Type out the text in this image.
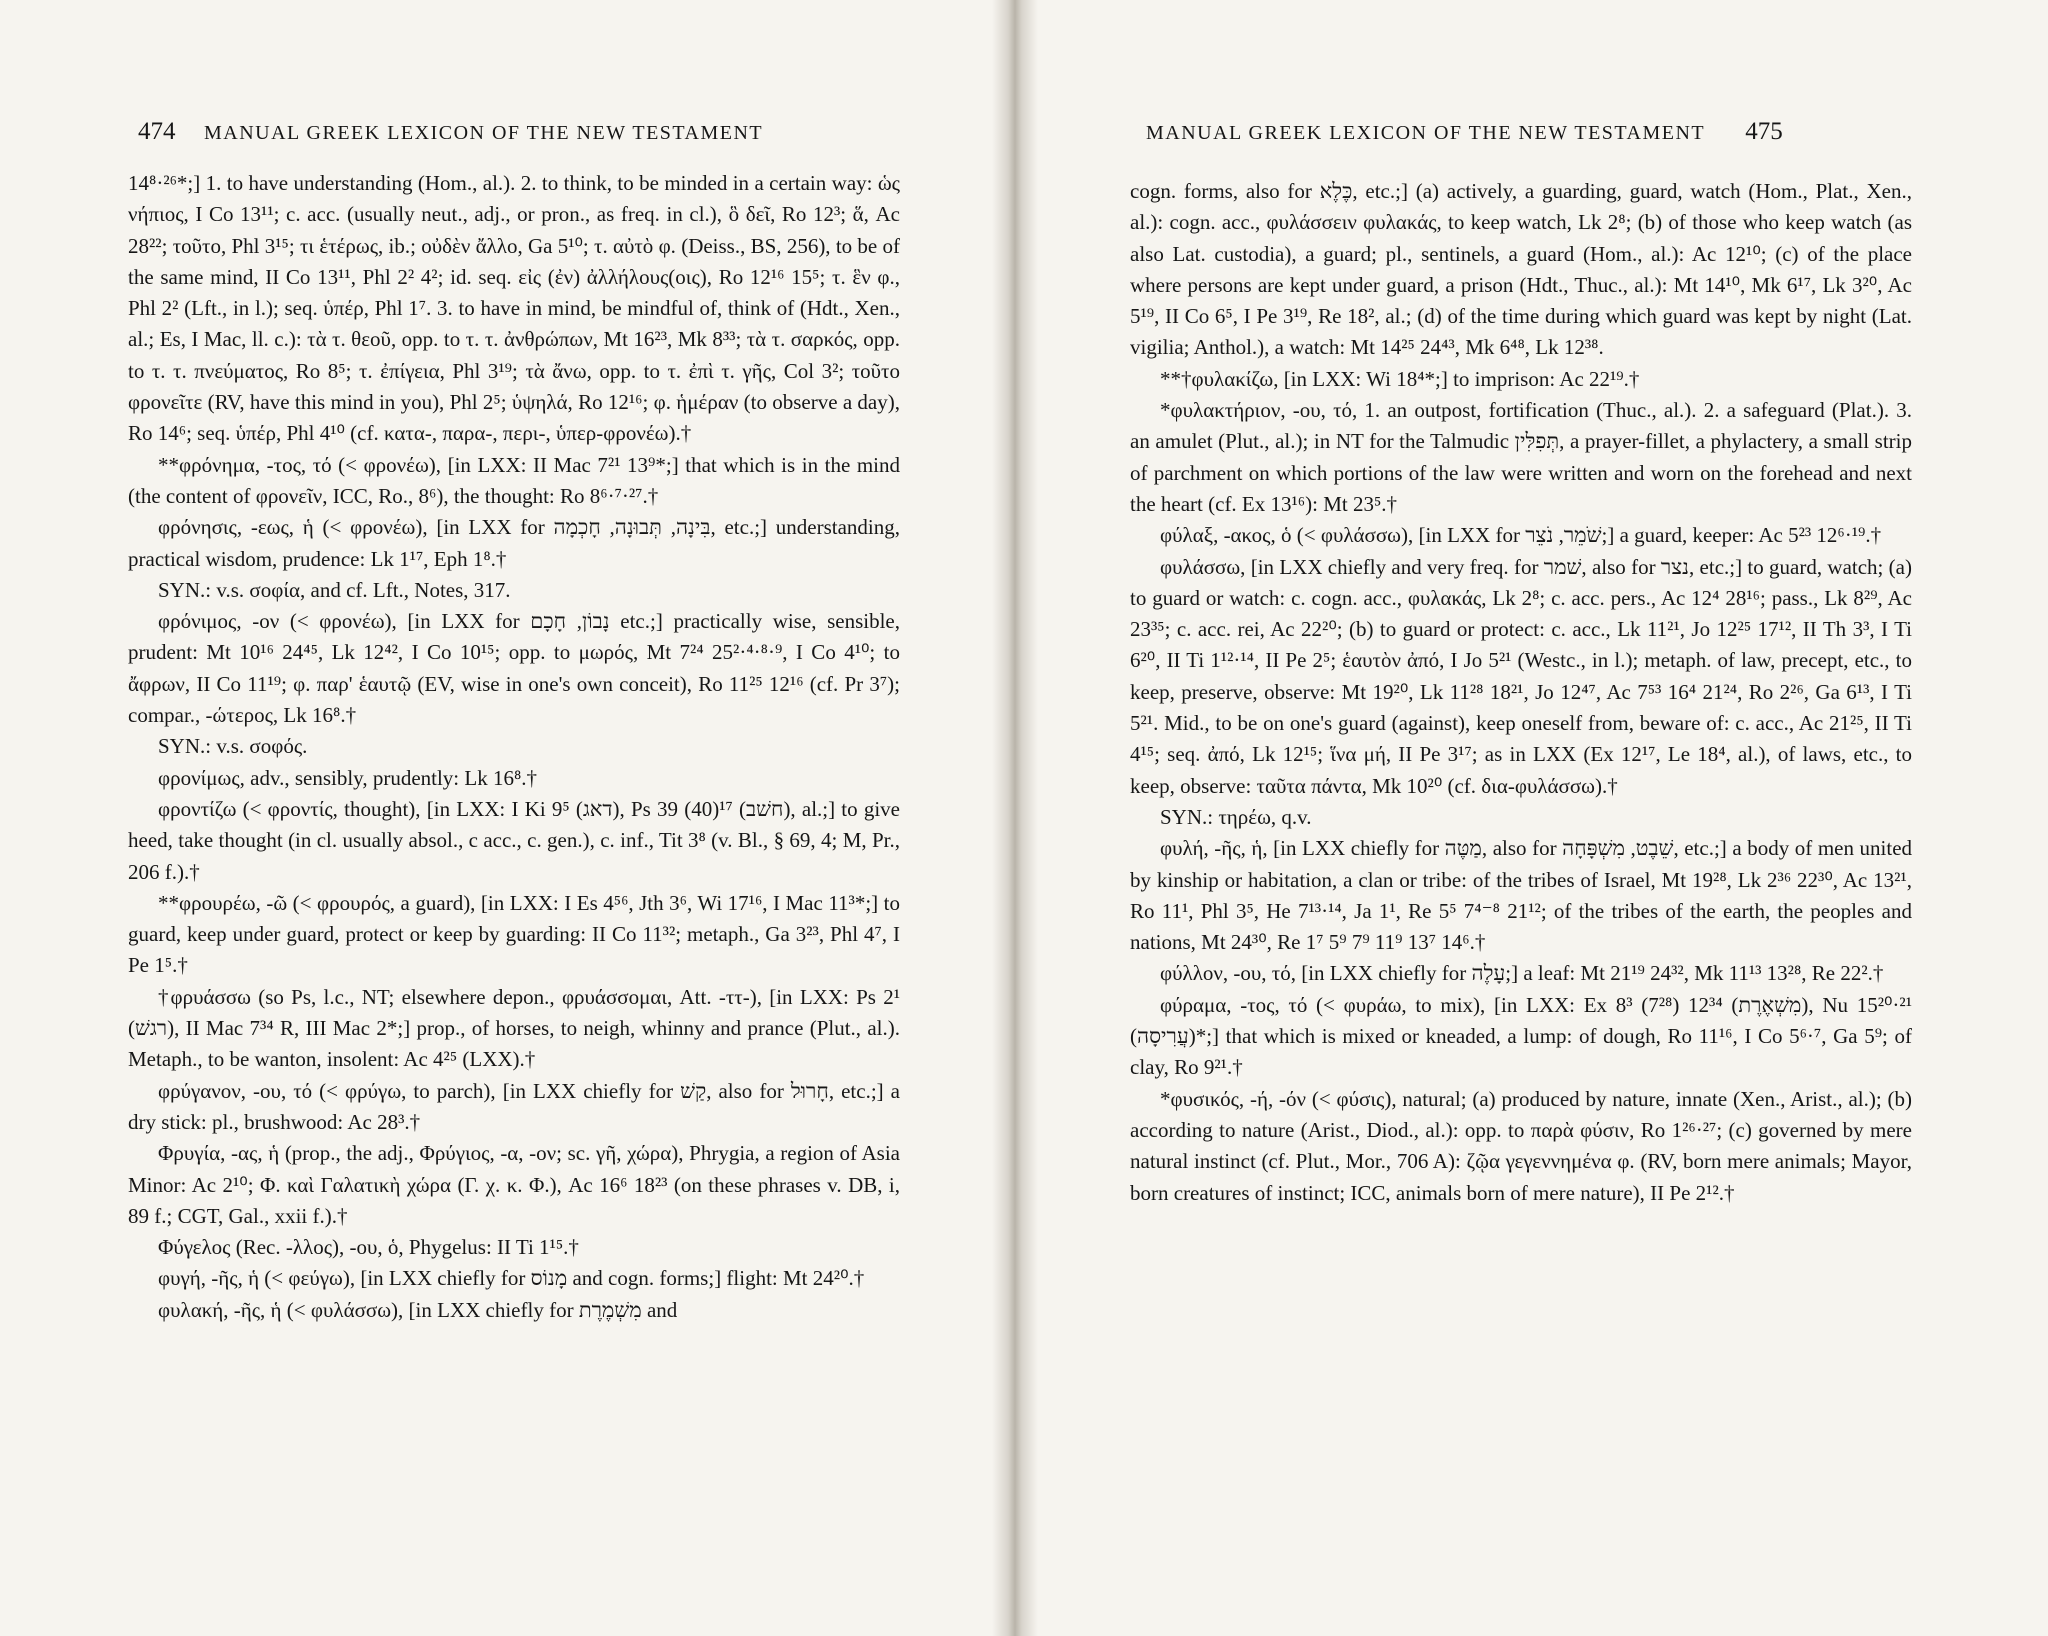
474 MANUAL GREEK LEXICON OF THE NEW TESTAMENT

14⁸·²⁶*;] 1. to have understanding (Hom., al.). 2. to think, to be minded in a certain way: ὡς νήπιος, I Co 13¹¹; c. acc. (usually neut., adj., or pron., as freq. in cl.), ὃ δεῖ, Ro 12³; ἅ, Ac 28²²; τοῦτο, Phl 3¹⁵; τι ἑτέρως, ib.; οὐδὲν ἄλλο, Ga 5¹⁰; τ. αὐτὸ φ. (Deiss., BS, 256), to be of the same mind, II Co 13¹¹, Phl 2² 4²; id. seq. εἰς (ἐν) ἀλλήλους(οις), Ro 12¹⁶ 15⁵; τ. ἓν φ., Phl 2² (Lft., in l.); seq. ὑπέρ, Phl 1⁷. 3. to have in mind, be mindful of, think of (Hdt., Xen., al.; Es, I Mac, ll. c.): τὰ τ. θεοῦ, opp. to τ. τ. ἀνθρώπων, Mt 16²³, Mk 8³³; τὰ τ. σαρκός, opp. to τ. τ. πνεύματος, Ro 8⁵; τ. ἐπίγεια, Phl 3¹⁹; τὰ ἄνω, opp. to τ. ἐπὶ τ. γῆς, Col 3²; τοῦτο φρονεῖτε (RV, have this mind in you), Phl 2⁵; ὑψηλά, Ro 12¹⁶; φ. ἡμέραν (to observe a day), Ro 14⁶; seq. ὑπέρ, Phl 4¹⁰ (cf. κατα-, παρα-, περι-, ὑπερ-φρονέω).†

**φρόνημα, -τος, τό (< φρονέω), [in LXX: II Mac 7²¹ 13⁹*;] that which is in the mind (the content of φρονεῖν, ICC, Ro., 8⁶), the thought: Ro 8⁶·⁷·²⁷.†

φρόνησις, -εως, ἡ (< φρονέω), [in LXX for בִּינָה, תְּבוּנָה, חָכְמָה, etc.;] understanding, practical wisdom, prudence: Lk 1¹⁷, Eph 1⁸.†

SYN.: v.s. σοφία, and cf. Lft., Notes, 317.

φρόνιμος, -ον (< φρονέω), [in LXX for נָבוֹן, חָכָם etc.;] practically wise, sensible, prudent: Mt 10¹⁶ 24⁴⁵, Lk 12⁴², I Co 10¹⁵; opp. to μωρός, Mt 7²⁴ 25²·⁴·⁸·⁹, I Co 4¹⁰; to ἄφρων, II Co 11¹⁹; φ. παρ' ἑαυτῷ (EV, wise in one's own conceit), Ro 11²⁵ 12¹⁶ (cf. Pr 3⁷); compar., -ώτερος, Lk 16⁸.†

SYN.: v.s. σοφός.

φρονίμως, adv., sensibly, prudently: Lk 16⁸.†

φροντίζω (< φροντίς, thought), [in LXX: I Ki 9⁵ (דאג), Ps 39 (40)¹⁷ (חשׁב), al.;] to give heed, take thought (in cl. usually absol., c acc., c. gen.), c. inf., Tit 3⁸ (v. Bl., § 69, 4; M, Pr., 206 f.).†

**φρουρέω, -ῶ (< φρουρός, a guard), [in LXX: I Es 4⁵⁶, Jth 3⁶, Wi 17¹⁶, I Mac 11³*;] to guard, keep under guard, protect or keep by guarding: II Co 11³²; metaph., Ga 3²³, Phl 4⁷, I Pe 1⁵.†

†φρυάσσω (so Ps, l.c., NT; elsewhere depon., φρυάσσομαι, Att. -ττ-), [in LXX: Ps 2¹ (רגשׁ), II Mac 7³⁴ R, III Mac 2*;] prop., of horses, to neigh, whinny and prance (Plut., al.). Metaph., to be wanton, insolent: Ac 4²⁵ (LXX).†

φρύγανον, -ου, τό (< φρύγω, to parch), [in LXX chiefly for קַשׁ, also for חָרוּל, etc.;] a dry stick: pl., brushwood: Ac 28³.†

Φρυγία, -ας, ἡ (prop., the adj., Φρύγιος, -α, -ον; sc. γῆ, χώρα), Phrygia, a region of Asia Minor: Ac 2¹⁰; Φ. καὶ Γαλατικὴ χώρα (Γ. χ. κ. Φ.), Ac 16⁶ 18²³ (on these phrases v. DB, i, 89 f.; CGT, Gal., xxii f.).†

Φύγελος (Rec. -λλος), -ου, ὁ, Phygelus: II Ti 1¹⁵.†

φυγή, -ῆς, ἡ (< φεύγω), [in LXX chiefly for מָנוֹס and cogn. forms;] flight: Mt 24²⁰.†

φυλακή, -ῆς, ἡ (< φυλάσσω), [in LXX chiefly for מִשְׁמֶרֶת and

MANUAL GREEK LEXICON OF THE NEW TESTAMENT 475

cogn. forms, also for כֶּלֶא, etc.;] (a) actively, a guarding, guard, watch (Hom., Plat., Xen., al.): cogn. acc., φυλάσσειν φυλακάς, to keep watch, Lk 2⁸; (b) of those who keep watch (as also Lat. custodia), a guard; pl., sentinels, a guard (Hom., al.): Ac 12¹⁰; (c) of the place where persons are kept under guard, a prison (Hdt., Thuc., al.): Mt 14¹⁰, Mk 6¹⁷, Lk 3²⁰, Ac 5¹⁹, II Co 6⁵, I Pe 3¹⁹, Re 18², al.; (d) of the time during which guard was kept by night (Lat. vigilia; Anthol.), a watch: Mt 14²⁵ 24⁴³, Mk 6⁴⁸, Lk 12³⁸.

**†φυλακίζω, [in LXX: Wi 18⁴*;] to imprison: Ac 22¹⁹.†

*φυλακτήριον, -ου, τό, 1. an outpost, fortification (Thuc., al.). 2. a safeguard (Plat.). 3. an amulet (Plut., al.); in NT for the Talmudic תְּפִלִּין, a prayer-fillet, a phylactery, a small strip of parchment on which portions of the law were written and worn on the forehead and next the heart (cf. Ex 13¹⁶): Mt 23⁵.†

φύλαξ, -ακος, ὁ (< φυλάσσω), [in LXX for שֹׁמֵר, נֹצֵר;] a guard, keeper: Ac 5²³ 12⁶·¹⁹.†

φυλάσσω, [in LXX chiefly and very freq. for שׁמר, also for נצר, etc.;] to guard, watch; (a) to guard or watch: c. cogn. acc., φυλακάς, Lk 2⁸; c. acc. pers., Ac 12⁴ 28¹⁶; pass., Lk 8²⁹, Ac 23³⁵; c. acc. rei, Ac 22²⁰; (b) to guard or protect: c. acc., Lk 11²¹, Jo 12²⁵ 17¹², II Th 3³, I Ti 6²⁰, II Ti 1¹²·¹⁴, II Pe 2⁵; ἑαυτὸν ἀπό, I Jo 5²¹ (Westc., in l.); metaph. of law, precept, etc., to keep, preserve, observe: Mt 19²⁰, Lk 11²⁸ 18²¹, Jo 12⁴⁷, Ac 7⁵³ 16⁴ 21²⁴, Ro 2²⁶, Ga 6¹³, I Ti 5²¹. Mid., to be on one's guard (against), keep oneself from, beware of: c. acc., Ac 21²⁵, II Ti 4¹⁵; seq. ἀπό, Lk 12¹⁵; ἵνα μή, II Pe 3¹⁷; as in LXX (Ex 12¹⁷, Le 18⁴, al.), of laws, etc., to keep, observe: ταῦτα πάντα, Mk 10²⁰ (cf. δια-φυλάσσω).†

SYN.: τηρέω, q.v.

φυλή, -ῆς, ἡ, [in LXX chiefly for מַטֶּה, also for שֵׁבֶט, מִשְׁפָּחָה, etc.;] a body of men united by kinship or habitation, a clan or tribe: of the tribes of Israel, Mt 19²⁸, Lk 2³⁶ 22³⁰, Ac 13²¹, Ro 11¹, Phl 3⁵, He 7¹³·¹⁴, Ja 1¹, Re 5⁵ 7⁴⁻⁸ 21¹²; of the tribes of the earth, the peoples and nations, Mt 24³⁰, Re 1⁷ 5⁹ 7⁹ 11⁹ 13⁷ 14⁶.†

φύλλον, -ου, τό, [in LXX chiefly for עָלֶה;] a leaf: Mt 21¹⁹ 24³², Mk 11¹³ 13²⁸, Re 22².†

φύραμα, -τος, τό (< φυράω, to mix), [in LXX: Ex 8³ (7²⁸) 12³⁴ (מִשְׁאֶרֶת), Nu 15²⁰·²¹ (עֲרִיסָה)*;] that which is mixed or kneaded, a lump: of dough, Ro 11¹⁶, I Co 5⁶·⁷, Ga 5⁹; of clay, Ro 9²¹.†

*φυσικός, -ή, -όν (< φύσις), natural; (a) produced by nature, innate (Xen., Arist., al.); (b) according to nature (Arist., Diod., al.): opp. to παρὰ φύσιν, Ro 1²⁶·²⁷; (c) governed by mere natural instinct (cf. Plut., Mor., 706 A): ζῷα γεγεννημένα φ. (RV, born mere animals; Mayor, born creatures of instinct; ICC, animals born of mere nature), II Pe 2¹².†
